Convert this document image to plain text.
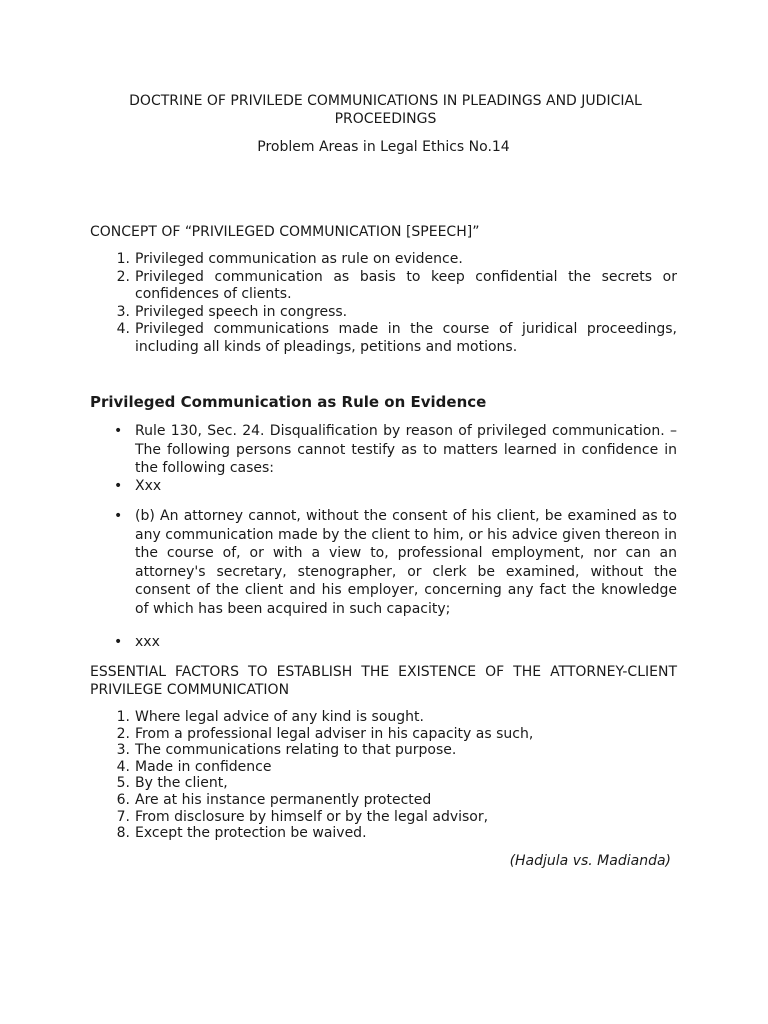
DOCTRINE OF PRIVILEDE COMMUNICATIONS IN PLEADINGS AND JUDICIAL PROCEEDINGS
Problem Areas in Legal Ethics No.14
CONCEPT OF “PRIVILEGED COMMUNICATION [SPEECH]”
1. Privileged communication as rule on evidence.
2. Privileged communication as basis to keep confidential the secrets or confidences of clients.
3. Privileged speech in congress.
4. Privileged communications made in the course of juridical proceedings, including all kinds of pleadings, petitions and motions.
Privileged Communication as Rule on Evidence
• Rule 130, Sec. 24. Disqualification by reason of privileged communication. – The following persons cannot testify as to matters learned in confidence in the following cases:
• Xxx
• (b) An attorney cannot, without the consent of his client, be examined as to any communication made by the client to him, or his advice given thereon in the course of, or with a view to, professional employment, nor can an attorney's secretary, stenographer, or clerk be examined, without the consent of the client and his employer, concerning any fact the knowledge of which has been acquired in such capacity;
• xxx
ESSENTIAL FACTORS TO ESTABLISH THE EXISTENCE OF THE ATTORNEY-CLIENT PRIVILEGE COMMUNICATION
1. Where legal advice of any kind is sought.
2. From a professional legal adviser in his capacity as such,
3. The communications relating to that purpose.
4. Made in confidence
5. By the client,
6. Are at his instance permanently protected
7. From disclosure by himself or by the legal advisor,
8. Except the protection be waived.
(Hadjula vs. Madianda)
